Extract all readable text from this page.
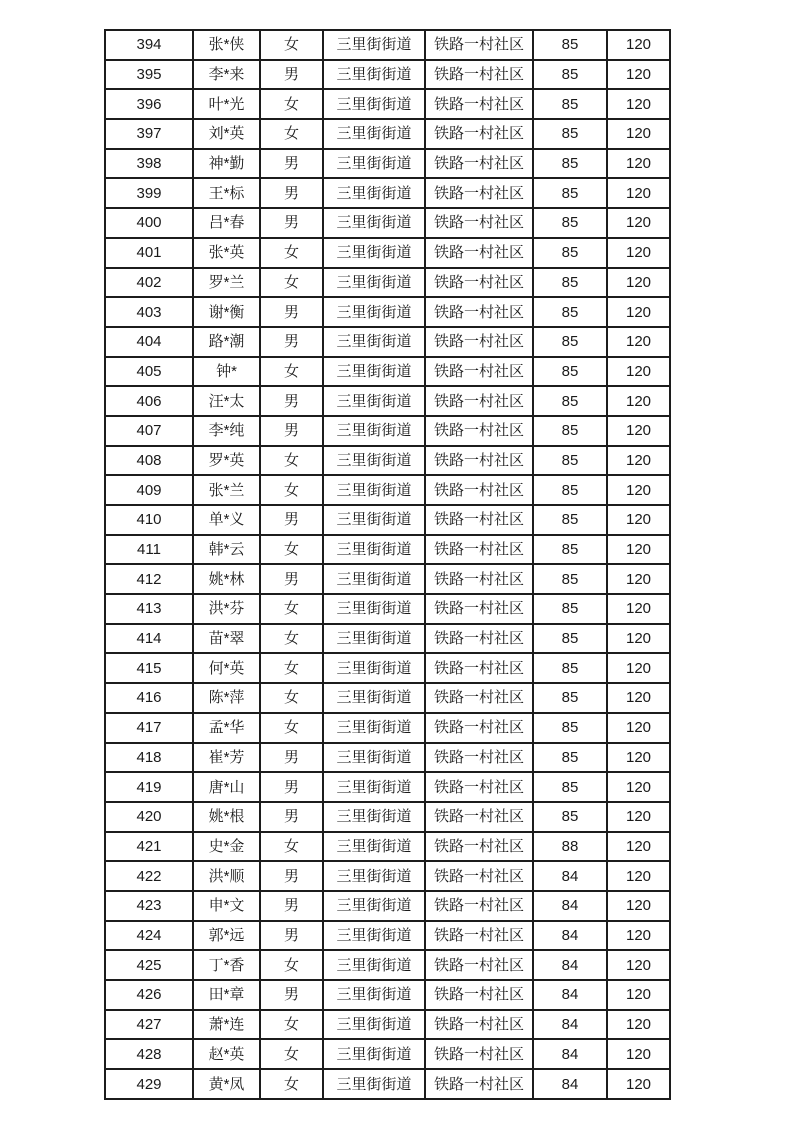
394	张*侠	女	三里街街道	铁路一村社区	85	120
395	李*来	男	三里街街道	铁路一村社区	85	120
396	叶*光	女	三里街街道	铁路一村社区	85	120
397	刘*英	女	三里街街道	铁路一村社区	85	120
398	神*勤	男	三里街街道	铁路一村社区	85	120
399	王*标	男	三里街街道	铁路一村社区	85	120
400	吕*春	男	三里街街道	铁路一村社区	85	120
401	张*英	女	三里街街道	铁路一村社区	85	120
402	罗*兰	女	三里街街道	铁路一村社区	85	120
403	谢*衡	男	三里街街道	铁路一村社区	85	120
404	路*潮	男	三里街街道	铁路一村社区	85	120
405	钟*	女	三里街街道	铁路一村社区	85	120
406	汪*太	男	三里街街道	铁路一村社区	85	120
407	李*纯	男	三里街街道	铁路一村社区	85	120
408	罗*英	女	三里街街道	铁路一村社区	85	120
409	张*兰	女	三里街街道	铁路一村社区	85	120
410	单*义	男	三里街街道	铁路一村社区	85	120
411	韩*云	女	三里街街道	铁路一村社区	85	120
412	姚*林	男	三里街街道	铁路一村社区	85	120
413	洪*芬	女	三里街街道	铁路一村社区	85	120
414	苗*翠	女	三里街街道	铁路一村社区	85	120
415	何*英	女	三里街街道	铁路一村社区	85	120
416	陈*萍	女	三里街街道	铁路一村社区	85	120
417	孟*华	女	三里街街道	铁路一村社区	85	120
418	崔*芳	男	三里街街道	铁路一村社区	85	120
419	唐*山	男	三里街街道	铁路一村社区	85	120
420	姚*根	男	三里街街道	铁路一村社区	85	120
421	史*金	女	三里街街道	铁路一村社区	88	120
422	洪*顺	男	三里街街道	铁路一村社区	84	120
423	申*文	男	三里街街道	铁路一村社区	84	120
424	郭*远	男	三里街街道	铁路一村社区	84	120
425	丁*香	女	三里街街道	铁路一村社区	84	120
426	田*章	男	三里街街道	铁路一村社区	84	120
427	萧*连	女	三里街街道	铁路一村社区	84	120
428	赵*英	女	三里街街道	铁路一村社区	84	120
429	黄*凤	女	三里街街道	铁路一村社区	84	120
